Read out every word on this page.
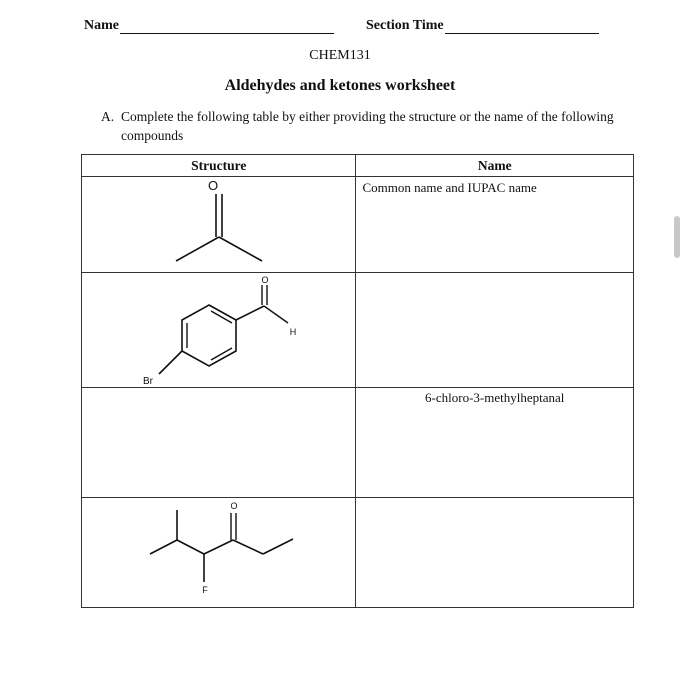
Name	Section Time
CHEM131
Aldehydes and ketones worksheet
A. Complete the following table by either providing the structure or the name of the following compounds
Structure	Name

O	Common name and IUPAC name

O
H
Br	

	6-chloro-3-methylheptanal

O
F	
